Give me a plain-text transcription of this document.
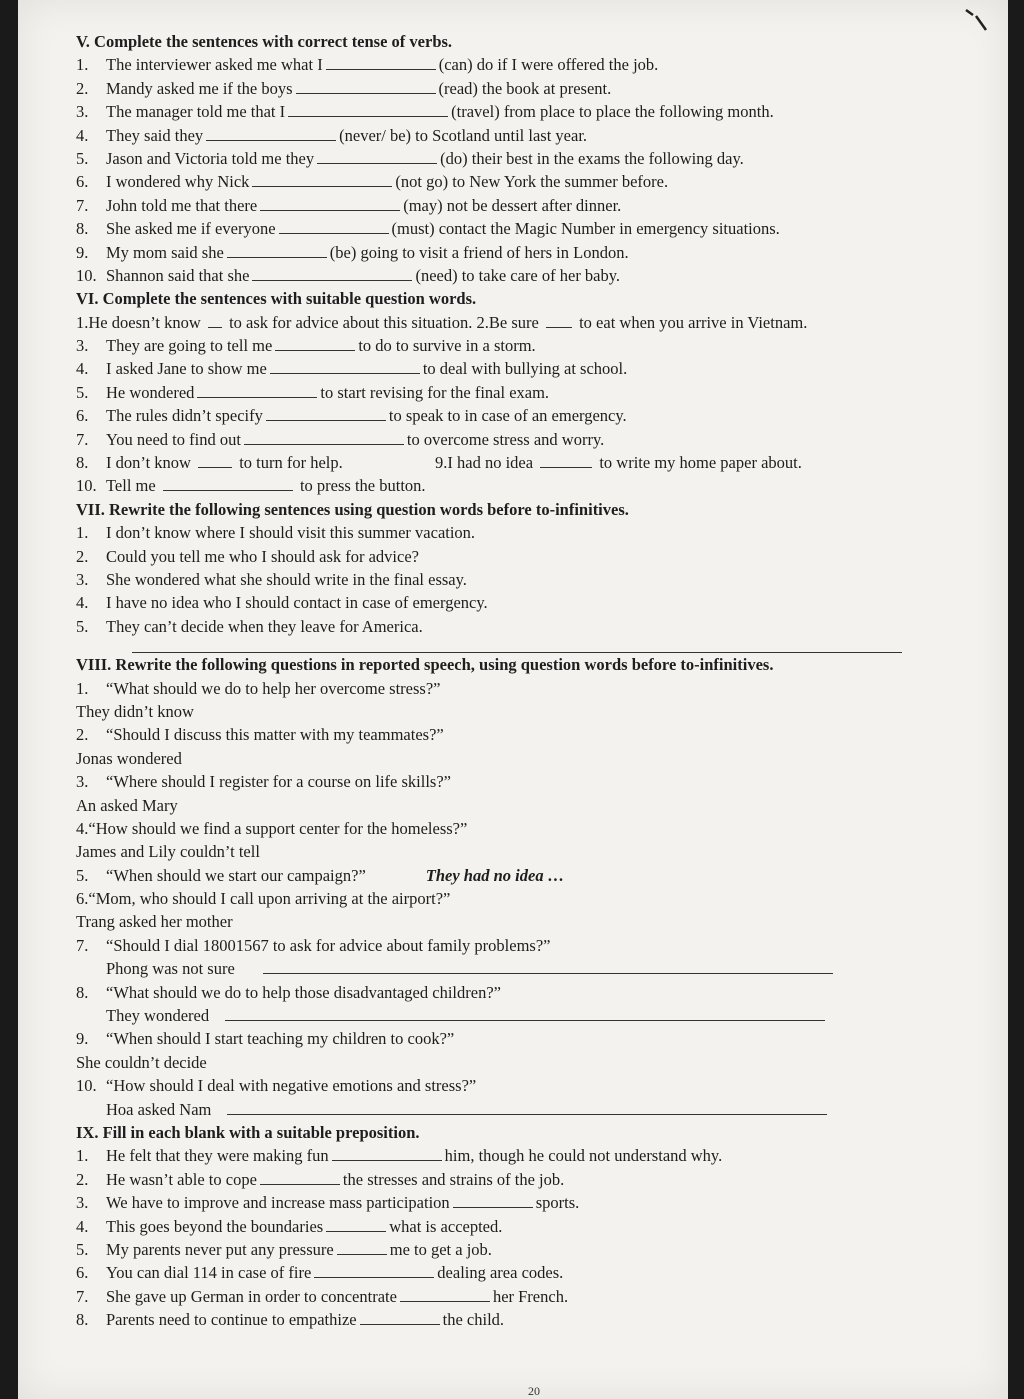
V. Complete the sentences with correct tense of verbs.
1. The interviewer asked me what I	(can) do if I were offered the job.
2. Mandy asked me if the boys	(read) the book at present.
3. The manager told me that I	(travel) from place to place the following month.
4. They said they	(never/ be) to Scotland until last year.
5. Jason and Victoria told me they	(do) their best in the exams the following day.
6. I wondered why Nick	(not go) to New York the summer before.
7. John told me that there	(may) not be dessert after dinner.
8. She asked me if everyone	(must) contact the Magic Number in emergency situations.
9. My mom said she	(be) going to visit a friend of hers in London.
10. Shannon said that she	(need) to take care of her baby.
VI. Complete the sentences with suitable question words.
1.He doesn’t know to ask for advice about this situation. 2.Be sure to eat when you arrive in Vietnam.
3. They are going to tell me	to do to survive in a storm.
4. I asked Jane to show me	to deal with bullying at school.
5. He wondered	to start revising for the final exam.
6. The rules didn’t specify	to speak to in case of an emergency.
7. You need to find out	to overcome stress and worry.
8. I don’t know	to turn for help.	9.I had no idea	to write my home paper about.
10. Tell me	to press the button.
VII. Rewrite the following sentences using question words before to-infinitives.
1. I don’t know where I should visit this summer vacation.
2. Could you tell me who I should ask for advice?
3. She wondered what she should write in the final essay.
4. I have no idea who I should contact in case of emergency.
5. They can’t decide when they leave for America.
VIII. Rewrite the following questions in reported speech, using question words before to-infinitives.
1. “What should we do to help her overcome stress?”
They didn’t know
2. “Should I discuss this matter with my teammates?”
Jonas wondered
3. “Where should I register for a course on life skills?”
An asked Mary
4.“How should we find a support center for the homeless?”
James and Lily couldn’t tell
5. “When should we start our campaign?”	They had no idea …
6.“Mom, who should I call upon arriving at the airport?”
Trang asked her mother
7. “Should I dial 18001567 to ask for advice about family problems?”
Phong was not sure
8. “What should we do to help those disadvantaged children?”
They wondered
9. “When should I start teaching my children to cook?”
She couldn’t decide
10. “How should I deal with negative emotions and stress?”
Hoa asked Nam
IX. Fill in each blank with a suitable preposition.
1. He felt that they were making fun	him, though he could not understand why.
2. He wasn’t able to cope	the stresses and strains of the job.
3. We have to improve and increase mass participation	sports.
4. This goes beyond the boundaries	what is accepted.
5. My parents never put any pressure	me to get a job.
6. You can dial 114 in case of fire	dealing area codes.
7. She gave up German in order to concentrate	her French.
8. Parents need to continue to empathize	the child.
20
